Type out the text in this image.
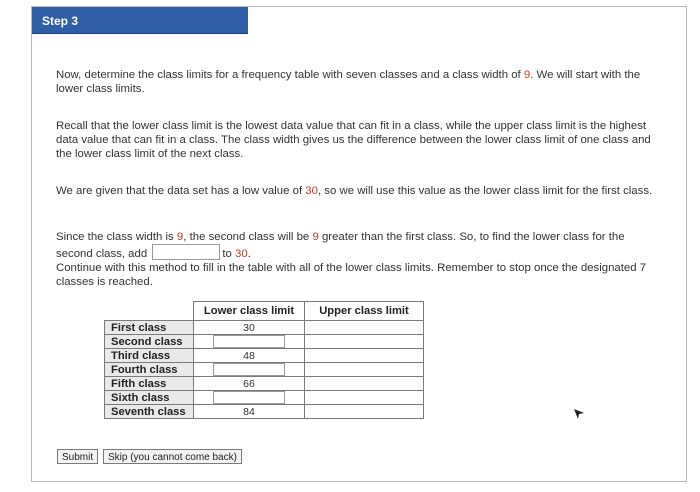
Step 3
Now, determine the class limits for a frequency table with seven classes and a class width of 9. We will start with the lower class limits.
Recall that the lower class limit is the lowest data value that can fit in a class, while the upper class limit is the highest data value that can fit in a class. The class width gives us the difference between the lower class limit of one class and the lower class limit of the next class.
We are given that the data set has a low value of 30, so we will use this value as the lower class limit for the first class.
Since the class width is 9, the second class will be 9 greater than the first class. So, to find the lower class for the second class, add	to 30.
Continue with this method to fill in the table with all of the lower class limits. Remember to stop once the designated 7 classes is reached.
	Lower class limit	Upper class limit
First class	30	

Second class	

Third class	48	

Fourth class	

Fifth class	66	

Sixth class	

Seventh class	84	

Submit	Skip (you cannot come back)
